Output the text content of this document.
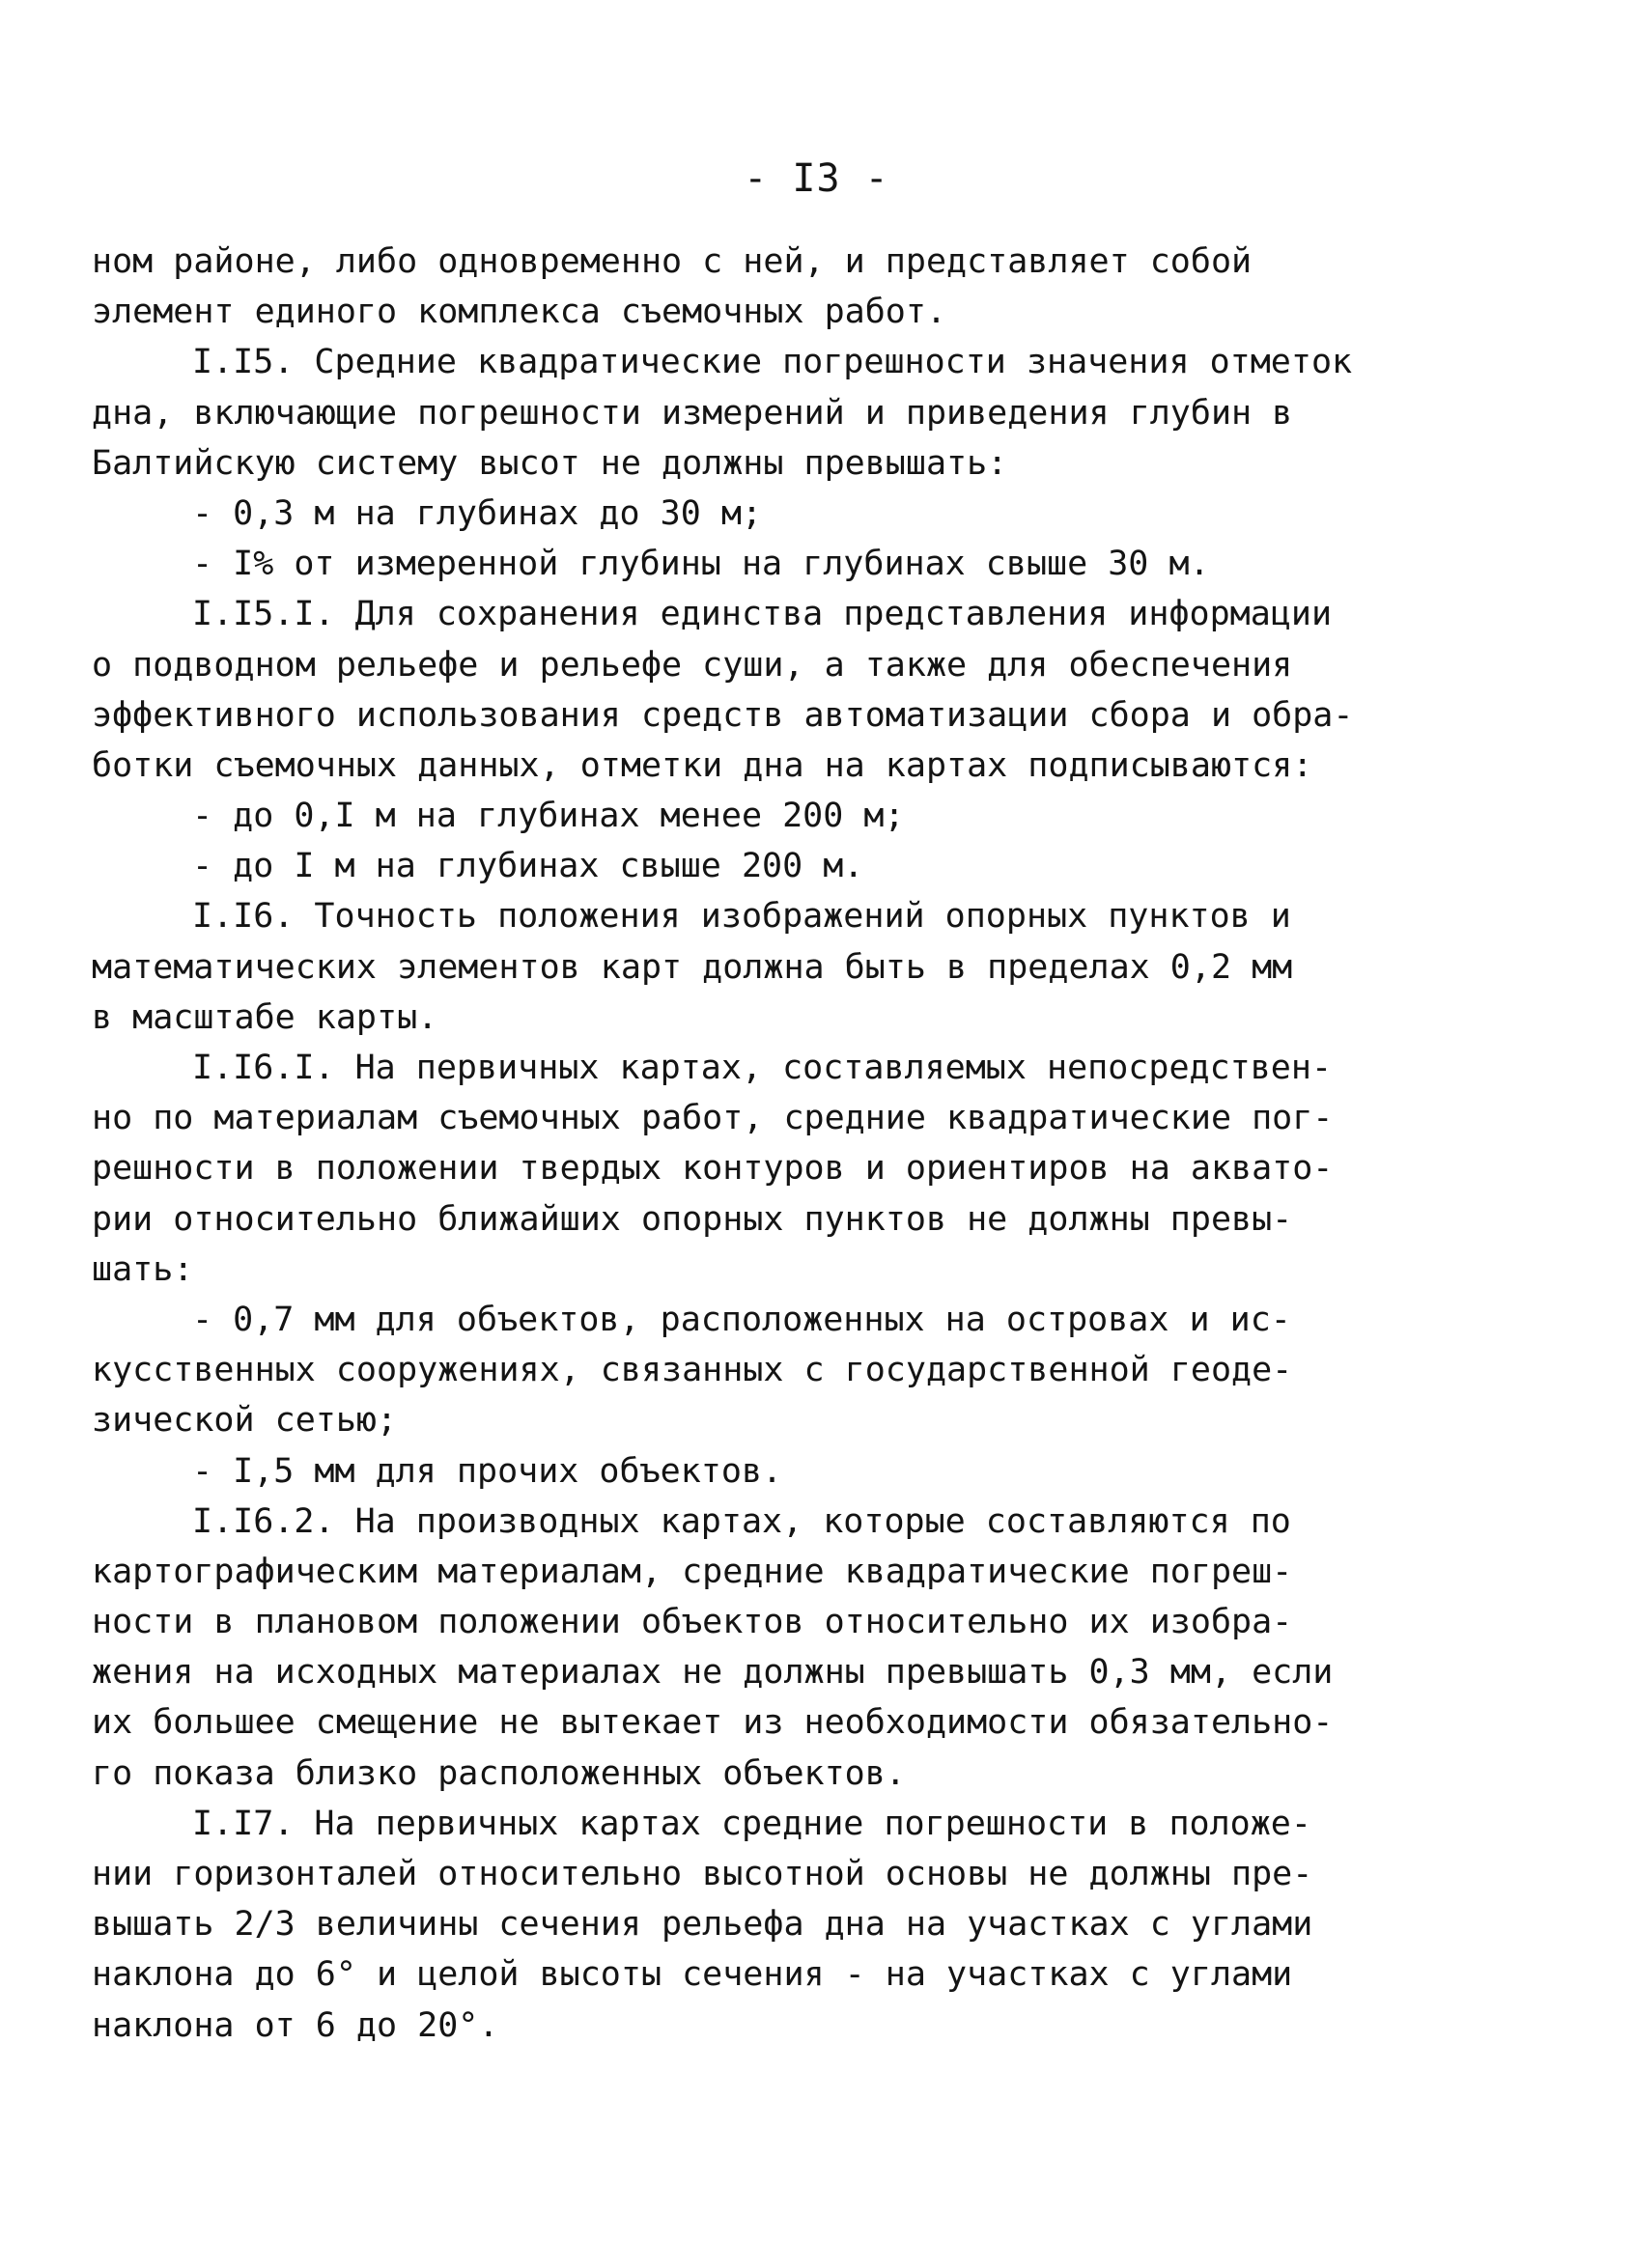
- I3 -
ном районе, либо одновременно с ней, и представляет собой
элемент единого комплекса съемочных работ.
I.I5. Средние квадратические погрешности значения отметок
дна, включающие погрешности измерений и приведения глубин в
Балтийскую систему высот не должны превышать:
- 0,3 м на глубинах до 30 м;
- I% от измеренной глубины на глубинах свыше 30 м.
I.I5.I. Для сохранения единства представления информации
о подводном рельефе и рельефе суши, а также для обеспечения
эффективного использования средств автоматизации сбора и обра-
ботки съемочных данных, отметки дна на картах подписываются:
- до 0,I м на глубинах менее 200 м;
- до I м на глубинах свыше 200 м.
I.I6. Точность положения изображений опорных пунктов и
математических элементов карт должна быть в пределах 0,2 мм
в масштабе карты.
I.I6.I. На первичных картах, составляемых непосредствен-
но по материалам съемочных работ, средние квадратические пог-
решности в положении твердых контуров и ориентиров на аквато-
рии относительно ближайших опорных пунктов не должны превы-
шать:
- 0,7 мм для объектов, расположенных на островах и ис-
кусственных сооружениях, связанных с государственной геоде-
зической сетью;
- I,5 мм для прочих объектов.
I.I6.2. На производных картах, которые составляются по
картографическим материалам, средние квадратические погреш-
ности в плановом положении объектов относительно их изобра-
жения на исходных материалах не должны превышать 0,3 мм, если
их большее смещение не вытекает из необходимости обязательно-
го показа близко расположенных объектов.
I.I7. На первичных картах средние погрешности в положе-
нии горизонталей относительно высотной основы не должны пре-
вышать 2/3 величины сечения рельефа дна на участках с углами
наклона до 6° и целой высоты сечения - на участках с углами
наклона от 6 до 20°.
